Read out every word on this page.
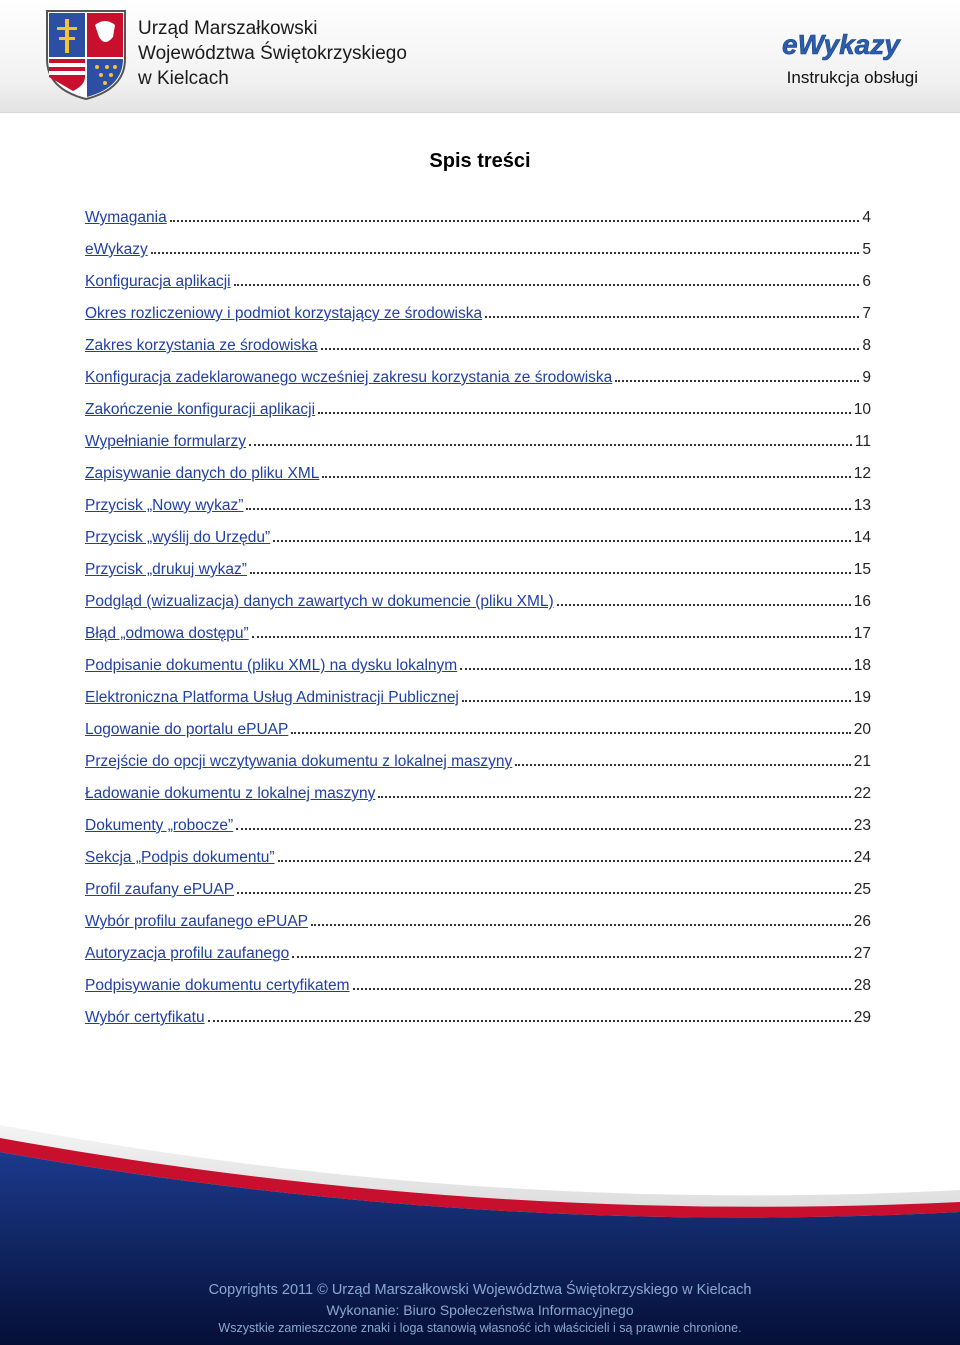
Urząd Marszałkowski
Województwa Świętokrzyskiego
w Kielcach
eWykazy
Instrukcja obsługi
Spis treści
Wymagania	4
eWykazy	5
Konfiguracja aplikacji	6
Okres rozliczeniowy i podmiot korzystający ze środowiska	7
Zakres korzystania ze środowiska	8
Konfiguracja zadeklarowanego wcześniej zakresu korzystania ze środowiska	9
Zakończenie konfiguracji aplikacji	10
Wypełnianie formularzy	11
Zapisywanie danych do pliku XML	12
Przycisk „Nowy wykaz”	13
Przycisk „wyślij do Urzędu”	14
Przycisk „drukuj wykaz”	15
Podgląd (wizualizacja) danych zawartych w dokumencie (pliku XML)	16
Błąd „odmowa dostępu”	17
Podpisanie dokumentu (pliku XML) na dysku lokalnym	18
Elektroniczna Platforma Usług Administracji Publicznej	19
Logowanie do portalu ePUAP	20
Przejście do opcji wczytywania dokumentu z lokalnej maszyny	21
Ładowanie dokumentu z lokalnej maszyny	22
Dokumenty „robocze”	23
Sekcja „Podpis dokumentu”	24
Profil zaufany ePUAP	25
Wybór profilu zaufanego ePUAP	26
Autoryzacja profilu zaufanego	27
Podpisywanie dokumentu certyfikatem	28
Wybór certyfikatu	29
Copyrights 2011 © Urząd Marszałkowski Województwa Świętokrzyskiego w Kielcach
Wykonanie: Biuro Społeczeństwa Informacyjnego
Wszystkie zamieszczone znaki i loga stanowią własność ich właścicieli i są prawnie chronione.
